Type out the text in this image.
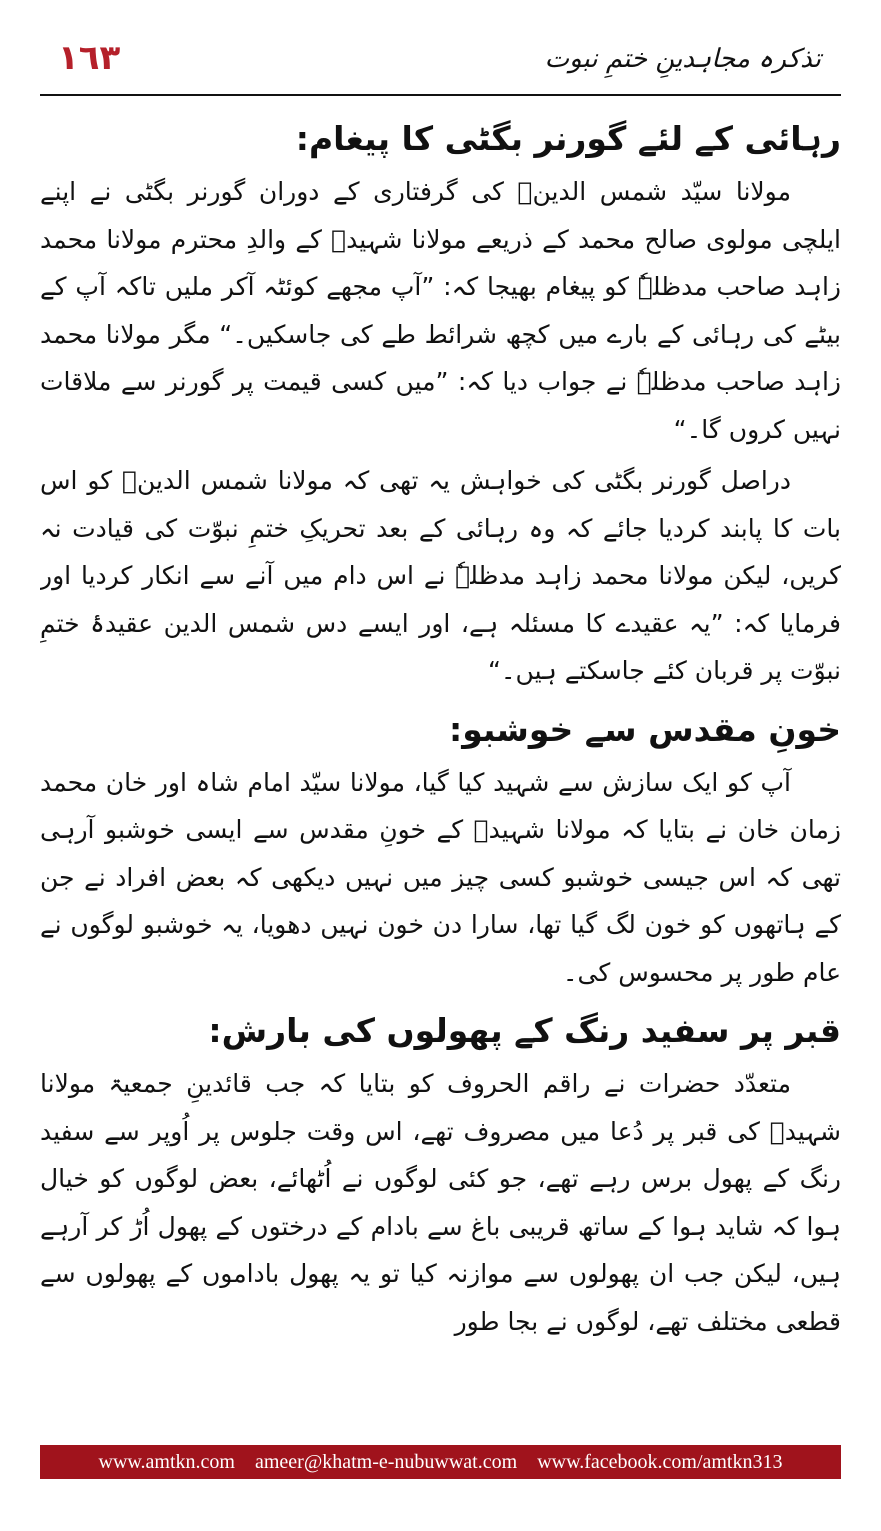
١٦٣	تذکرہ مجاہدینِ ختمِ نبوت
رہائی کے لئے گورنر بگٹی کا پیغام:

مولانا سیّد شمس الدینؒ کی گرفتاری کے دوران گورنر بگٹی نے اپنے ایلچی مولوی صالح محمد کے ذریعے مولانا شہیدؒ کے والدِ محترم مولانا محمد زاہد صاحب مدظلہٗ کو پیغام بھیجا کہ: ”آپ مجھے کوئٹہ آکر ملیں تاکہ آپ کے بیٹے کی رہائی کے بارے میں کچھ شرائط طے کی جاسکیں۔“ مگر مولانا محمد زاہد صاحب مدظلہٗ نے جواب دیا کہ: ”میں کسی قیمت پر گورنر سے ملاقات نہیں کروں گا۔“

دراصل گورنر بگٹی کی خواہش یہ تھی کہ مولانا شمس الدینؒ کو اس بات کا پابند کردیا جائے کہ وہ رہائی کے بعد تحریکِ ختمِ نبوّت کی قیادت نہ کریں، لیکن مولانا محمد زاہد مدظلہٗ نے اس دام میں آنے سے انکار کردیا اور فرمایا کہ: ”یہ عقیدے کا مسئلہ ہے، اور ایسے دس شمس الدین عقیدۂ ختمِ نبوّت پر قربان کئے جاسکتے ہیں۔“

خونِ مقدس سے خوشبو:

آپ کو ایک سازش سے شہید کیا گیا، مولانا سیّد امام شاہ اور خان محمد زمان خان نے بتایا کہ مولانا شہیدؒ کے خونِ مقدس سے ایسی خوشبو آرہی تھی کہ اس جیسی خوشبو کسی چیز میں نہیں دیکھی کہ بعض افراد نے جن کے ہاتھوں کو خون لگ گیا تھا، سارا دن خون نہیں دھویا، یہ خوشبو لوگوں نے عام طور پر محسوس کی۔

قبر پر سفید رنگ کے پھولوں کی بارش:

متعدّد حضرات نے راقم الحروف کو بتایا کہ جب قائدینِ جمعیۃ مولانا شہیدؒ کی قبر پر دُعا میں مصروف تھے، اس وقت جلوس پر اُوپر سے سفید رنگ کے پھول برس رہے تھے، جو کئی لوگوں نے اُٹھائے، بعض لوگوں کو خیال ہوا کہ شاید ہوا کے ساتھ قریبی باغ سے بادام کے درختوں کے پھول اُڑ کر آرہے ہیں، لیکن جب ان پھولوں سے موازنہ کیا تو یہ پھول باداموں کے پھولوں سے قطعی مختلف تھے، لوگوں نے بجا طور

www.amtkn.com ameer@khatm-e-nubuwwat.com www.facebook.com/amtkn313
